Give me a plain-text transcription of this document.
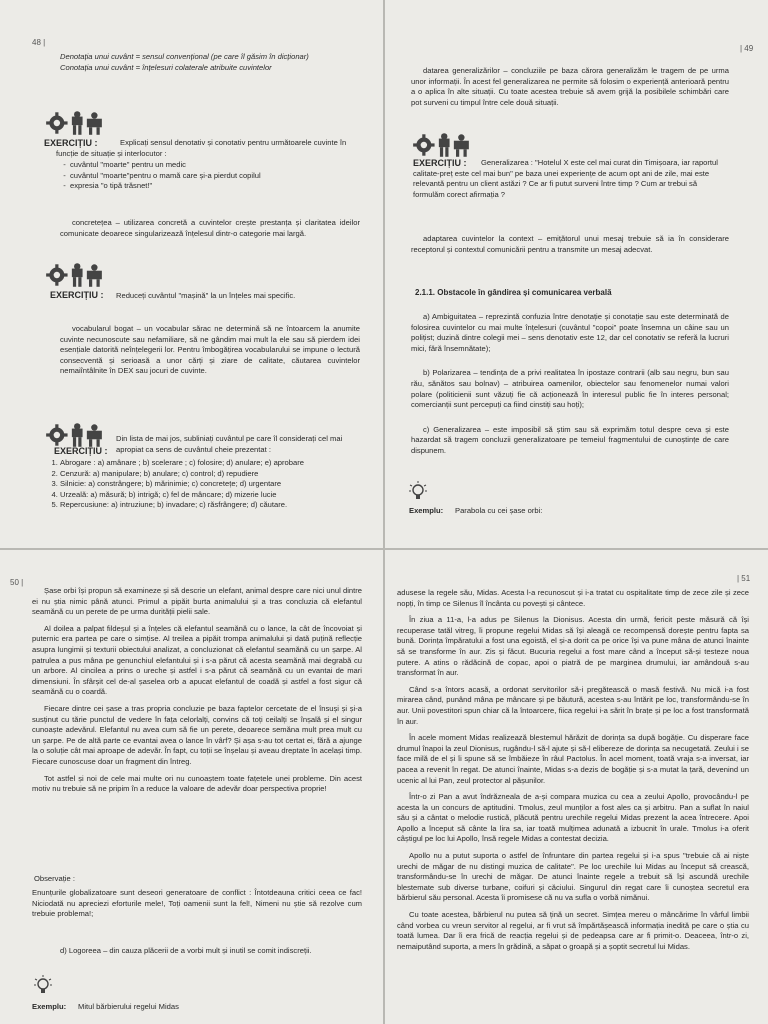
48 |
Denotația unui cuvânt = sensul convențional (pe care îl găsim în dicționar)
Conotația unui cuvânt = înțelesuri colaterale atribuite cuvintelor
EXERCIȚIU :	Explicați sensul denotativ și conotativ pentru următoarele cuvinte în funcție de situație și interlocutor :
- cuvântul "moarte" pentru un medic
- cuvântul "moarte"pentru o mamă care și-a pierdut copilul
- expresia "o tipă trăsnet!"

concretețea – utilizarea concretă a cuvintelor crește prestanța și claritatea ideilor comunicate deoarece singularizează înțelesul dintr-o categorie mai largă.

EXERCIȚIU : Reduceți cuvântul "mașină" la un înțeles mai specific.

vocabularul bogat – un vocabular sărac ne determină să ne întoarcem la anumite cuvinte necunoscute sau nefamiliare, să ne gândim mai mult la ele sau să pierdem idei esențiale datorită neînțelegerii lor. Pentru îmbogățirea vocabularului se impune o lectură consecventă și serioasă a unor cărți și ziare de calitate, căutarea cuvintelor nemaiîntâlnite în DEX sau jocuri de cuvinte.

EXERCIȚIU :
Din lista de mai jos, subliniați cuvântul pe care îl considerați cel mai apropiat ca sens de cuvântul cheie prezentat :
1. Abrogare : a) amânare ; b) scelerare ; c) folosire; d) anulare; e) aprobare
2. Cenzură: a) manipulare; b) anulare; c) control; d) repudiere
3. Silnicie: a) constrângere; b) mărinimie; c) concretețe; d) urgentare
4. Urzeală: a) măsură; b) intrigă; c) fel de mâncare; d) mizerie lucie
5. Repercusiune: a) intruziune; b) invadare; c) răsfrângere; d) căutare.
| 49

datarea generalizărilor – concluziile pe baza cărora generalizăm le tragem de pe urma unor informații. În acest fel generalizarea ne permite să folosim o experiență anterioară pentru a o aplica în alte situații. Cu toate acestea trebuie să avem grijă la posibilele schimbări care pot surveni cu timpul între cele două situații.

EXERCIȚIU :	Generalizarea : "Hotelul X este cel mai curat din Timișoara, iar raportul calitate-preț este cel mai bun" pe baza unei experiențe de acum opt ani de zile, mai este relevantă pentru un client astăzi ? Ce ar fi putut surveni între timp ? Cum ar trebui să formulăm corect afirmația ?

adaptarea cuvintelor la context – emițătorul unui mesaj trebuie să ia în considerare receptorul și contextul comunicării pentru a transmite un mesaj adecvat.

2.1.1. Obstacole în gândirea și comunicarea verbală

a) Ambiguitatea – reprezintă confuzia între denotație și conotație sau este determinată de folosirea cuvintelor cu mai multe înțelesuri (cuvântul "copoi" poate însemna un câine sau un polițist; duzină dintre colegii mei – sens denotativ este 12, dar cel conotativ se referă la lucruri mici, fără însemnătate);

b) Polarizarea – tendința de a privi realitatea în ipostaze contrarii (alb sau negru, bun sau rău, sănătos sau bolnav) – atribuirea oamenilor, obiectelor sau fenomenelor numai valori polare (politicienii sunt văzuți fie că acționează în interesul public fie în interes personal; comercianții sunt percepuți ca fiind cinstiți sau hoți);

c) Generalizarea – este imposibil să știm sau să exprimăm totul despre ceva și este hazardat să tragem concluzii generalizatoare pe temeiul fragmentului de cunoștințe de care dispunem.

Exemplu: Parabola cu cei șase orbi:
50 |

Șase orbi își propun să examineze și să descrie un elefant, animal despre care nici unul dintre ei nu știa nimic până atunci. Primul a pipăit burta animalului și a tras concluzia că elefantul seamănă cu un perete de pe urma durității pielii sale.

Al doilea a palpat fildeșul și a înțeles că elefantul seamănă cu o lance, la cât de încovoiat și puternic era partea pe care o simțise. Al treilea a pipăit trompa animalului și dată puțină reflecție asupra lungimii și texturii obiectului analizat, a concluzionat că elefantul seamănă cu un șarpe. Al patrulea a pus mâna pe genunchiul elefantului și i s-a părut că acesta seamănă mai degrabă cu un arbore. Al cincilea a prins o ureche și astfel i s-a părut că seamănă cu un evantai de mari dimensiuni. În sfârșit cel de-al șaselea orb a apucat elefantul de coadă și astfel a fost sigur că seamănă cu o coardă.

Fiecare dintre cei șase a tras propria concluzie pe baza faptelor cercetate de el însuși și și-a susținut cu tărie punctul de vedere în fața celorlalți, convins că toți ceilalți se înșală și el singur cunoaște adevărul. Elefantul nu avea cum să fie un perete, deoarece semăna mult prea mult cu un șarpe. Pe de altă parte ce evantai avea o lance în vârf? Și așa s-au tot certat ei, fără a ajunge la o soluție cât mai aproape de adevăr. În fapt, cu toții se înșelau și aveau dreptate în același timp. Fiecare cunoscuse doar un fragment din întreg.

Tot astfel și noi de cele mai multe ori nu cunoaștem toate fațetele unei probleme. Din acest motiv nu trebuie să ne pripim în a reduce la valoare de adevăr doar perspectiva proprie!

Observație :

Enunțurile globalizatoare sunt deseori generatoare de conflict : Întotdeauna critici ceea ce fac! Niciodată nu apreciezi eforturile mele!, Toți oamenii sunt la fel!, Nimeni nu știe să rezolve cum trebuie problema!;

d) Logoreea – din cauza plăcerii de a vorbi mult și inutil se comit indiscreții.
Exemplu: Mitul bărbierului regelui Midas
| 51

adusese la regele său, Midas. Acesta l-a recunoscut și i-a tratat cu ospitalitate timp de zece zile și zece nopți, în timp ce Silenus îl încânta cu povești și cântece.

În ziua a 11-a, l-a adus pe Silenus la Dionisus. Acesta din urmă, fericit peste măsură că își recuperase tatăl vitreg, îi propune regelui Midas să își aleagă ce recompensă dorește pentru fapta sa bună. Dorința împăratului a fost una egoistă, el și-a dorit ca pe orice își va pune mâna de atunci înainte să se transforme în aur. Zis și făcut. Bucuria regelui a fost mare când a început să-și testeze noua putere. A atins o rădăcină de copac, apoi o piatră de pe marginea drumului, iar amândouă s-au transformat în aur.

Când s-a întors acasă, a ordonat servitorilor să-i pregătească o masă festivă. Nu mică i-a fost mirarea când, punând mâna pe mâncare și pe băutură, acestea s-au întărit pe loc, transformându-se în aur. Unii povestitori spun chiar că la întoarcere, fiica regelui i-a sărit în brațe și pe loc a fost transformată în aur.

În acele moment Midas realizează blestemul hărăzit de dorința sa după bogăție. Cu disperare face drumul înapoi la zeul Dionisus, rugându-l să-l ajute și să-l elibereze de dorința sa necugetată. Zeului i se face milă de el și îi spune să se îmbăieze în râul Pactolus. În acel moment, toată vraja s-a inversat, iar pacea a revenit în regat. De atunci înainte, Midas s-a dezis de bogăție și s-a mutat la țară, devenind un ucenic al lui Pan, zeul protector al pășunilor.

Într-o zi Pan a avut îndrăzneala de a-și compara muzica cu cea a zeului Apollo, provocându-l pe acesta la un concurs de aptitudini. Tmolus, zeul munților a fost ales ca și arbitru. Pan a suflat în naiul său și a cântat o melodie rustică, plăcută pentru urechile regelui Midas prezent la acea întrecere. Apoi Apollo a început să cânte la lira sa, iar toată mulțimea adunată a izbucnit în urale. Tmolus i-a oferit câștigul pe loc lui Apollo, însă regele Midas a contestat decizia.

Apollo nu a putut suporta o astfel de înfruntare din partea regelui și i-a spus "trebuie că ai niște urechi de măgar de nu distingi muzica de calitate". Pe loc urechile lui Midas au început să crească, transformându-se în urechi de măgar. De atunci înainte regele a trebuit să își ascundă urechile blestemate sub diverse turbane, coifuri și căciului. Singurul din regat care îi cunoștea secretul era bărbierul său personal. Acesta îi promisese că nu va sufla o vorbă nimănui.

Cu toate acestea, bărbierul nu putea să țină un secret. Simțea mereu o mâncărime în vârful limbii când vorbea cu vreun servitor al regelui, ar fi vrut să împărtășească informația inedită pe care o știa cu toată lumea. Dar îi era frică de reacția regelui și de pedeapsa care ar fi primit-o. Deaceea, într-o zi, nemaiputând suporta, a mers în grădină, a săpat o groapă și a șoptit secretul lui Midas.
